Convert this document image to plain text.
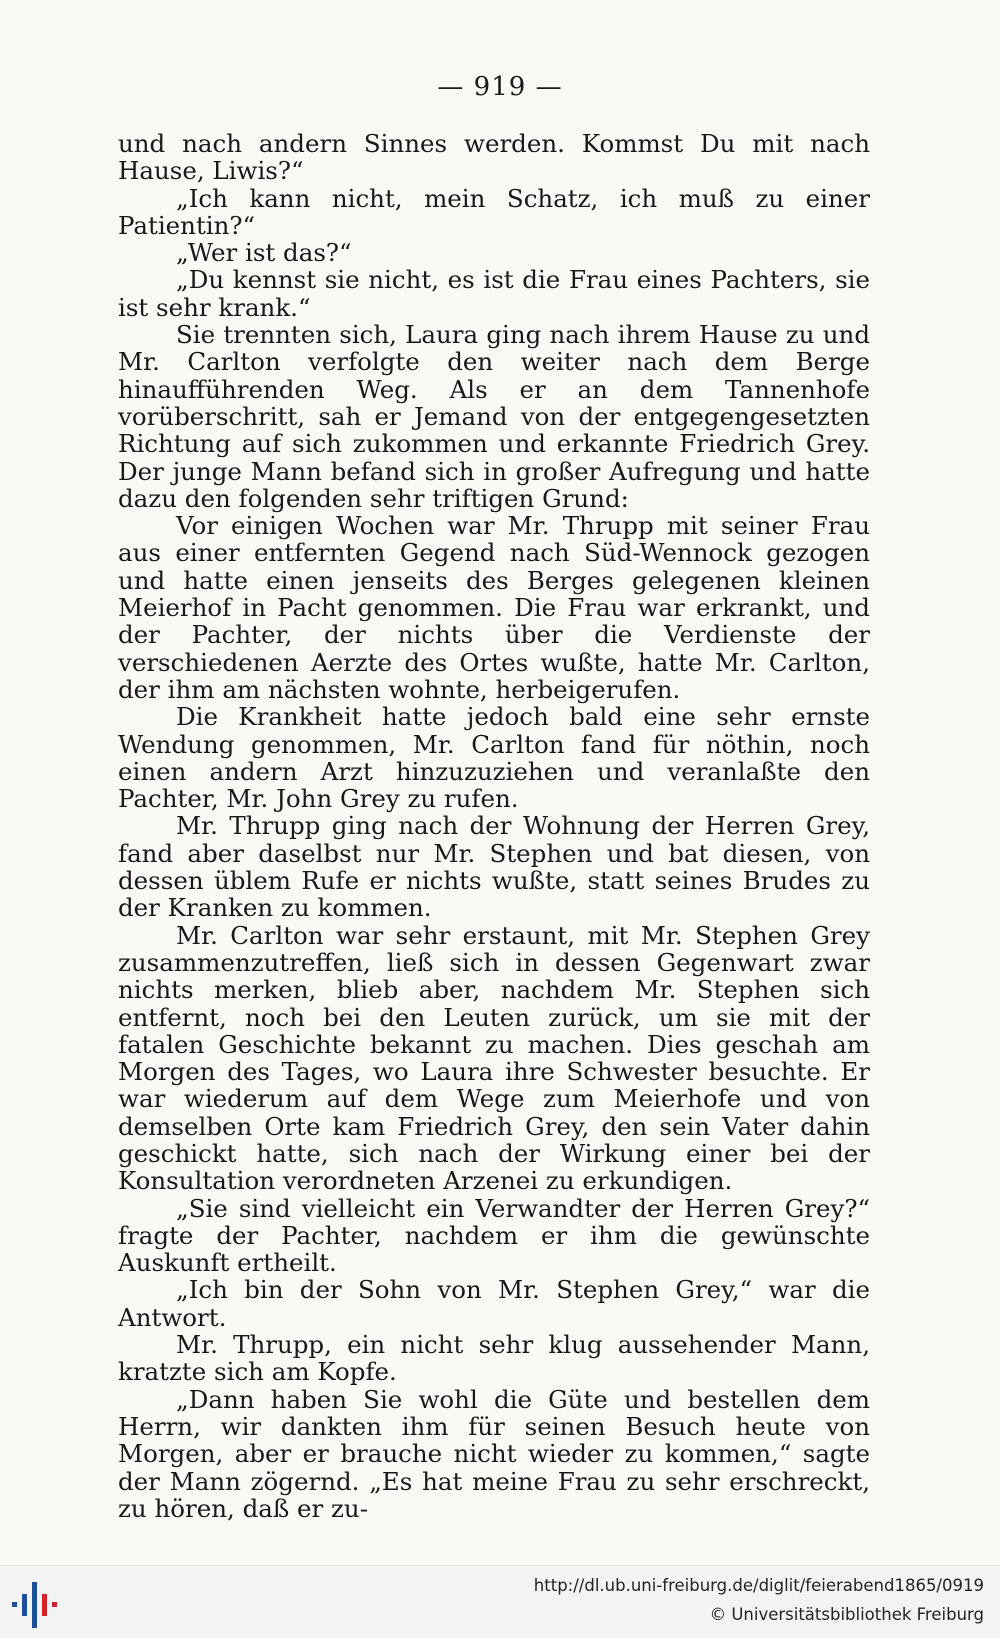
— 919 —

und nach andern Sinnes werden. Kommst Du mit nach Hause, Liwis?“

„Ich kann nicht, mein Schatz, ich muß zu einer Patientin?“

„Wer ist das?“

„Du kennst sie nicht, es ist die Frau eines Pachters, sie ist sehr krank.“

Sie trennten sich, Laura ging nach ihrem Hause zu und Mr. Carlton verfolgte den weiter nach dem Berge hinaufführenden Weg. Als er an dem Tannenhofe vorüberschritt, sah er Jemand von der entgegengesetzten Richtung auf sich zukommen und erkannte Friedrich Grey. Der junge Mann befand sich in großer Aufregung und hatte dazu den folgenden sehr triftigen Grund:

Vor einigen Wochen war Mr. Thrupp mit seiner Frau aus einer entfernten Gegend nach Süd-Wennock gezogen und hatte einen jenseits des Berges gelegenen kleinen Meierhof in Pacht genommen. Die Frau war erkrankt, und der Pachter, der nichts über die Verdienste der verschiedenen Aerzte des Ortes wußte, hatte Mr. Carlton, der ihm am nächsten wohnte, herbeigerufen.

Die Krankheit hatte jedoch bald eine sehr ernste Wendung genommen, Mr. Carlton fand für nöthin, noch einen andern Arzt hinzuzuziehen und veranlaßte den Pachter, Mr. John Grey zu rufen.

Mr. Thrupp ging nach der Wohnung der Herren Grey, fand aber daselbst nur Mr. Stephen und bat diesen, von dessen üblem Rufe er nichts wußte, statt seines Brudes zu der Kranken zu kommen.

Mr. Carlton war sehr erstaunt, mit Mr. Stephen Grey zusammenzutreffen, ließ sich in dessen Gegenwart zwar nichts merken, blieb aber, nachdem Mr. Stephen sich entfernt, noch bei den Leuten zurück, um sie mit der fatalen Geschichte bekannt zu machen. Dies geschah am Morgen des Tages, wo Laura ihre Schwester besuchte. Er war wiederum auf dem Wege zum Meierhofe und von demselben Orte kam Friedrich Grey, den sein Vater dahin geschickt hatte, sich nach der Wirkung einer bei der Konsultation verordneten Arzenei zu erkundigen.

„Sie sind vielleicht ein Verwandter der Herren Grey?“ fragte der Pachter, nachdem er ihm die gewünschte Auskunft ertheilt.

„Ich bin der Sohn von Mr. Stephen Grey,“ war die Antwort.

Mr. Thrupp, ein nicht sehr klug aussehender Mann, kratzte sich am Kopfe.

„Dann haben Sie wohl die Güte und bestellen dem Herrn, wir dankten ihm für seinen Besuch heute von Morgen, aber er brauche nicht wieder zu kommen,“ sagte der Mann zögernd. „Es hat meine Frau zu sehr erschreckt, zu hören, daß er zu-

http://dl.ub.uni-freiburg.de/diglit/feierabend1865/0919
© Universitätsbibliothek Freiburg
